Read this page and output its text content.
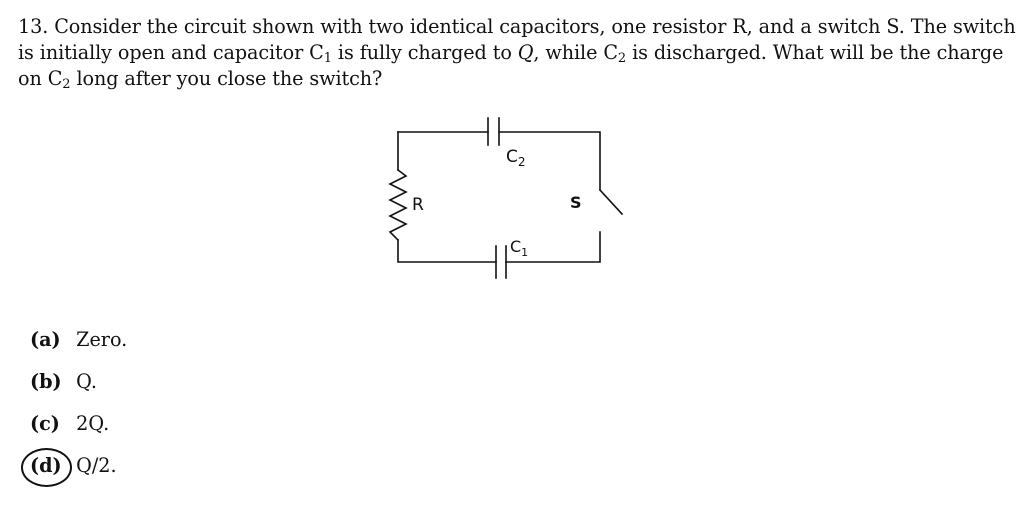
13. Consider the circuit shown with two identical capacitors, one resistor R, and a switch S. The switch
is initially open and capacitor $C_1$ is fully charged to Q, while $C_2$ is discharged. What will be the charge
on $C_2$ long after you close the switch?
R	S
$C_2$
$C_1$
(a) Zero.
(b) Q.
(c) 2Q.
(d) Q/2.
